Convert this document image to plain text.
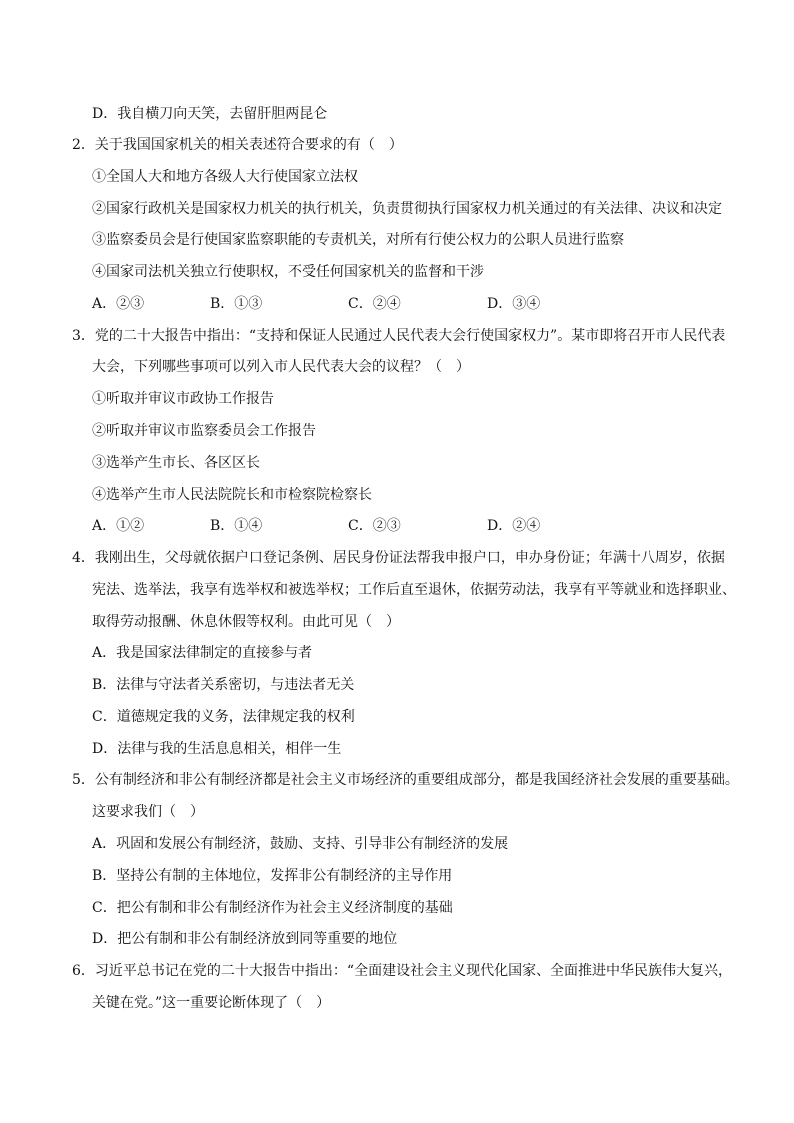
D．我自横刀向天笑，去留肝胆两昆仑
2．关于我国国家机关的相关表述符合要求的有（　）
①全国人大和地方各级人大行使国家立法权
②国家行政机关是国家权力机关的执行机关，负责贯彻执行国家权力机关通过的有关法律、决议和决定
③监察委员会是行使国家监察职能的专责机关，对所有行使公权力的公职人员进行监察
④国家司法机关独立行使职权，不受任何国家机关的监督和干涉
A．②③	B．①③	C．②④	D．③④
3．党的二十大报告中指出：“支持和保证人民通过人民代表大会行使国家权力”。某市即将召开市人民代表
大会，下列哪些事项可以列入市人民代表大会的议程？（　）
①听取并审议市政协工作报告
②听取并审议市监察委员会工作报告
③选举产生市长、各区区长
④选举产生市人民法院院长和市检察院检察长
A．①②	B．①④	C．②③	D．②④
4．我刚出生，父母就依据户口登记条例、居民身份证法帮我申报户口，申办身份证；年满十八周岁，依据
宪法、选举法，我享有选举权和被选举权；工作后直至退休，依据劳动法，我享有平等就业和选择职业、
取得劳动报酬、休息休假等权利。由此可见（　）
A．我是国家法律制定的直接参与者
B．法律与守法者关系密切，与违法者无关
C．道德规定我的义务，法律规定我的权利
D．法律与我的生活息息相关，相伴一生
5．公有制经济和非公有制经济都是社会主义市场经济的重要组成部分，都是我国经济社会发展的重要基础。
这要求我们（　）
A．巩固和发展公有制经济，鼓励、支持、引导非公有制经济的发展
B．坚持公有制的主体地位，发挥非公有制经济的主导作用
C．把公有制和非公有制经济作为社会主义经济制度的基础
D．把公有制和非公有制经济放到同等重要的地位
6．习近平总书记在党的二十大报告中指出：“全面建设社会主义现代化国家、全面推进中华民族伟大复兴，
关键在党。”这一重要论断体现了（　）
